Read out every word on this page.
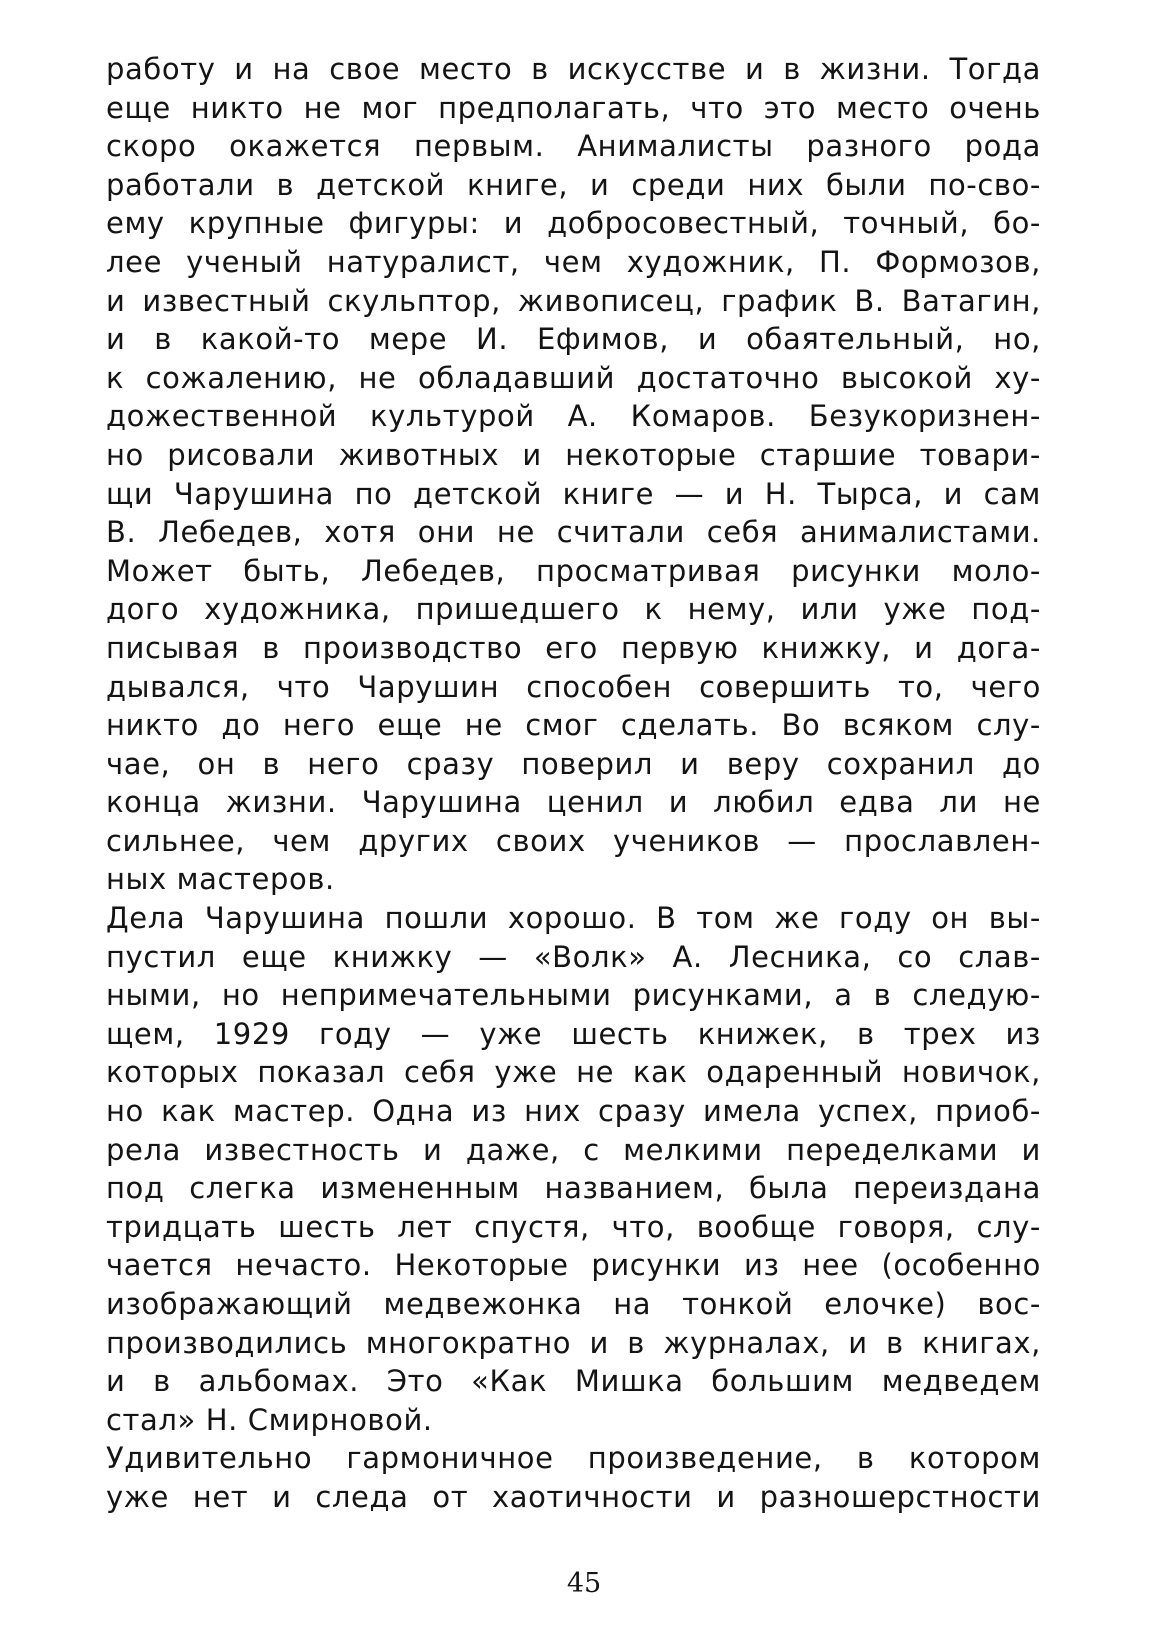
работу и на свое место в искусстве и в жизни. Тогда
еще никто не мог предполагать, что это место очень
скоро окажется первым. Анималисты разного рода
работали в детской книге, и среди них были по-сво-
ему крупные фигуры: и добросовестный, точный, бо-
лее ученый натуралист, чем художник, П. Формозов,
и известный скульптор, живописец, график В. Ватагин,
и в какой-то мере И. Ефимов, и обаятельный, но,
к сожалению, не обладавший достаточно высокой ху-
дожественной культурой А. Комаров. Безукоризнен-
но рисовали животных и некоторые старшие товари-
щи Чарушина по детской книге — и Н. Тырса, и сам
В. Лебедев, хотя они не считали себя анималистами.
Может быть, Лебедев, просматривая рисунки моло-
дого художника, пришедшего к нему, или уже под-
писывая в производство его первую книжку, и дога-
дывался, что Чарушин способен совершить то, чего
никто до него еще не смог сделать. Во всяком слу-
чае, он в него сразу поверил и веру сохранил до
конца жизни. Чарушина ценил и любил едва ли не
сильнее, чем других своих учеников — прославлен-
ных мастеров.
Дела Чарушина пошли хорошо. В том же году он вы-
пустил еще книжку — «Волк» А. Лесника, со слав-
ными, но непримечательными рисунками, а в следую-
щем, 1929 году — уже шесть книжек, в трех из
которых показал себя уже не как одаренный новичок,
но как мастер. Одна из них сразу имела успех, приоб-
рела известность и даже, с мелкими переделками и
под слегка измененным названием, была переиздана
тридцать шесть лет спустя, что, вообще говоря, слу-
чается нечасто. Некоторые рисунки из нее (особенно
изображающий медвежонка на тонкой елочке) вос-
производились многократно и в журналах, и в книгах,
и в альбомах. Это «Как Мишка большим медведем
стал» Н. Смирновой.
Удивительно гармоничное произведение, в котором
уже нет и следа от хаотичности и разношерстности
45
